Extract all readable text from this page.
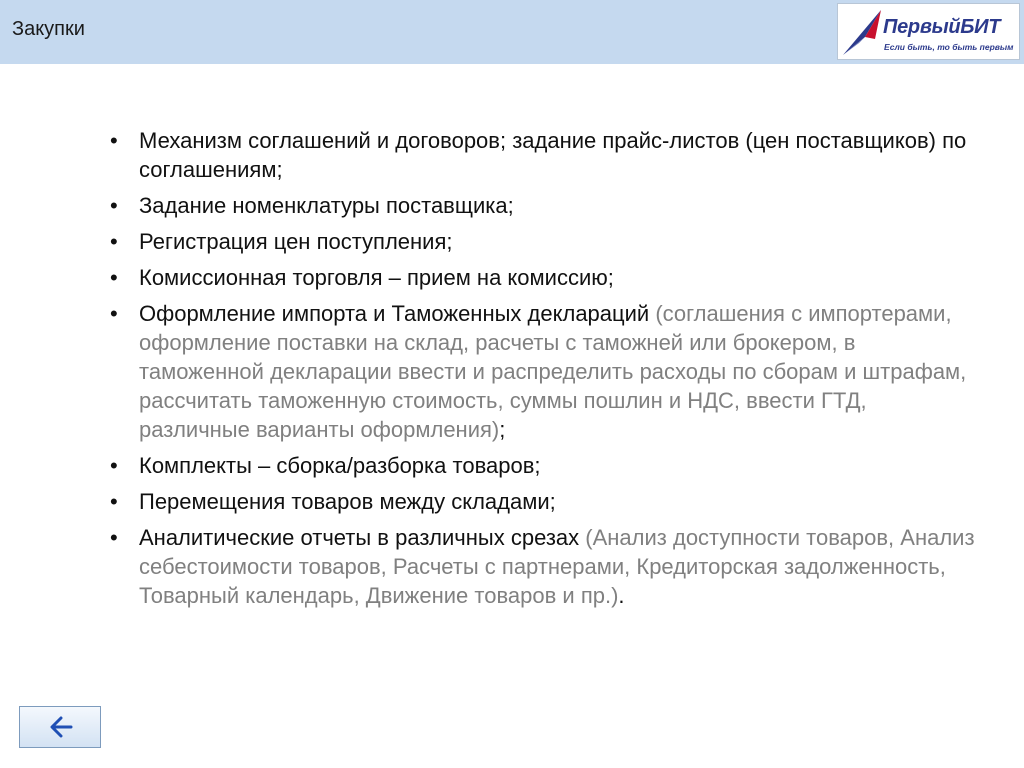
Закупки	ПервыйБИТ
Если быть, то быть первым
• Механизм соглашений и договоров; задание прайс-листов (цен поставщиков) по соглашениям;
• Задание номенклатуры поставщика;
• Регистрация цен поступления;
• Комиссионная торговля – прием на комиссию;
• Оформление импорта и Таможенных деклараций (соглашения с импортерами, оформление поставки на склад, расчеты с таможней или брокером, в таможенной декларации ввести и распределить расходы по сборам и штрафам, рассчитать таможенную стоимость, суммы пошлин и НДС, ввести ГТД, различные варианты оформления);
• Комплекты – сборка/разборка товаров;
• Перемещения товаров между складами;
• Аналитические отчеты в различных срезах (Анализ доступности товаров, Анализ себестоимости товаров, Расчеты с партнерами, Кредиторская задолженность, Товарный календарь, Движение товаров и пр.).
